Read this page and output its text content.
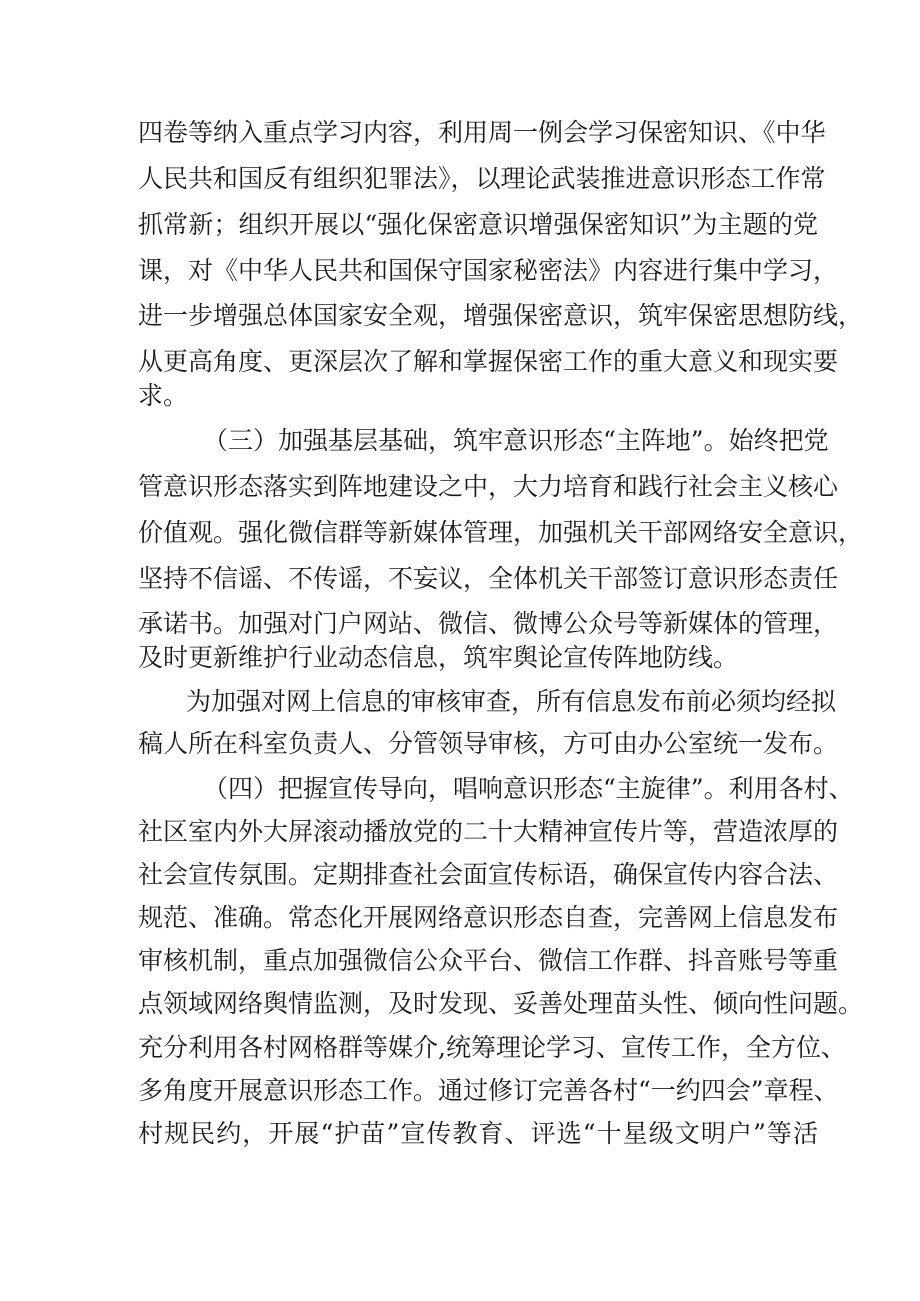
四卷等纳入重点学习内容，利用周一例会学习保密知识、《中华
人民共和国反有组织犯罪法》，以理论武装推进意识形态工作常
抓常新；组织开展以“强化保密意识增强保密知识”为主题的党
课，对《中华人民共和国保守国家秘密法》内容进行集中学习，
进一步增强总体国家安全观，增强保密意识，筑牢保密思想防线，
从更高角度、更深层次了解和掌握保密工作的重大意义和现实要
求。
（三）加强基层基础，筑牢意识形态“主阵地”。始终把党
管意识形态落实到阵地建设之中，大力培育和践行社会主义核心
价值观。强化微信群等新媒体管理，加强机关干部网络安全意识，
坚持不信谣、不传谣，不妄议，全体机关干部签订意识形态责任
承诺书。加强对门户网站、微信、微博公众号等新媒体的管理，
及时更新维护行业动态信息，筑牢舆论宣传阵地防线。
为加强对网上信息的审核审查，所有信息发布前必须均经拟
稿人所在科室负责人、分管领导审核，方可由办公室统一发布。
（四）把握宣传导向，唱响意识形态“主旋律”。利用各村、
社区室内外大屏滚动播放党的二十大精神宣传片等，营造浓厚的
社会宣传氛围。定期排查社会面宣传标语，确保宣传内容合法、
规范、准确。常态化开展网络意识形态自查，完善网上信息发布
审核机制，重点加强微信公众平台、微信工作群、抖音账号等重
点领域网络舆情监测，及时发现、妥善处理苗头性、倾向性问题。
充分利用各村网格群等媒介,统筹理论学习、宣传工作，全方位、
多角度开展意识形态工作。通过修订完善各村“一约四会”章程、
村规民约，开展“护苗”宣传教育、评选“十星级文明户”等活
